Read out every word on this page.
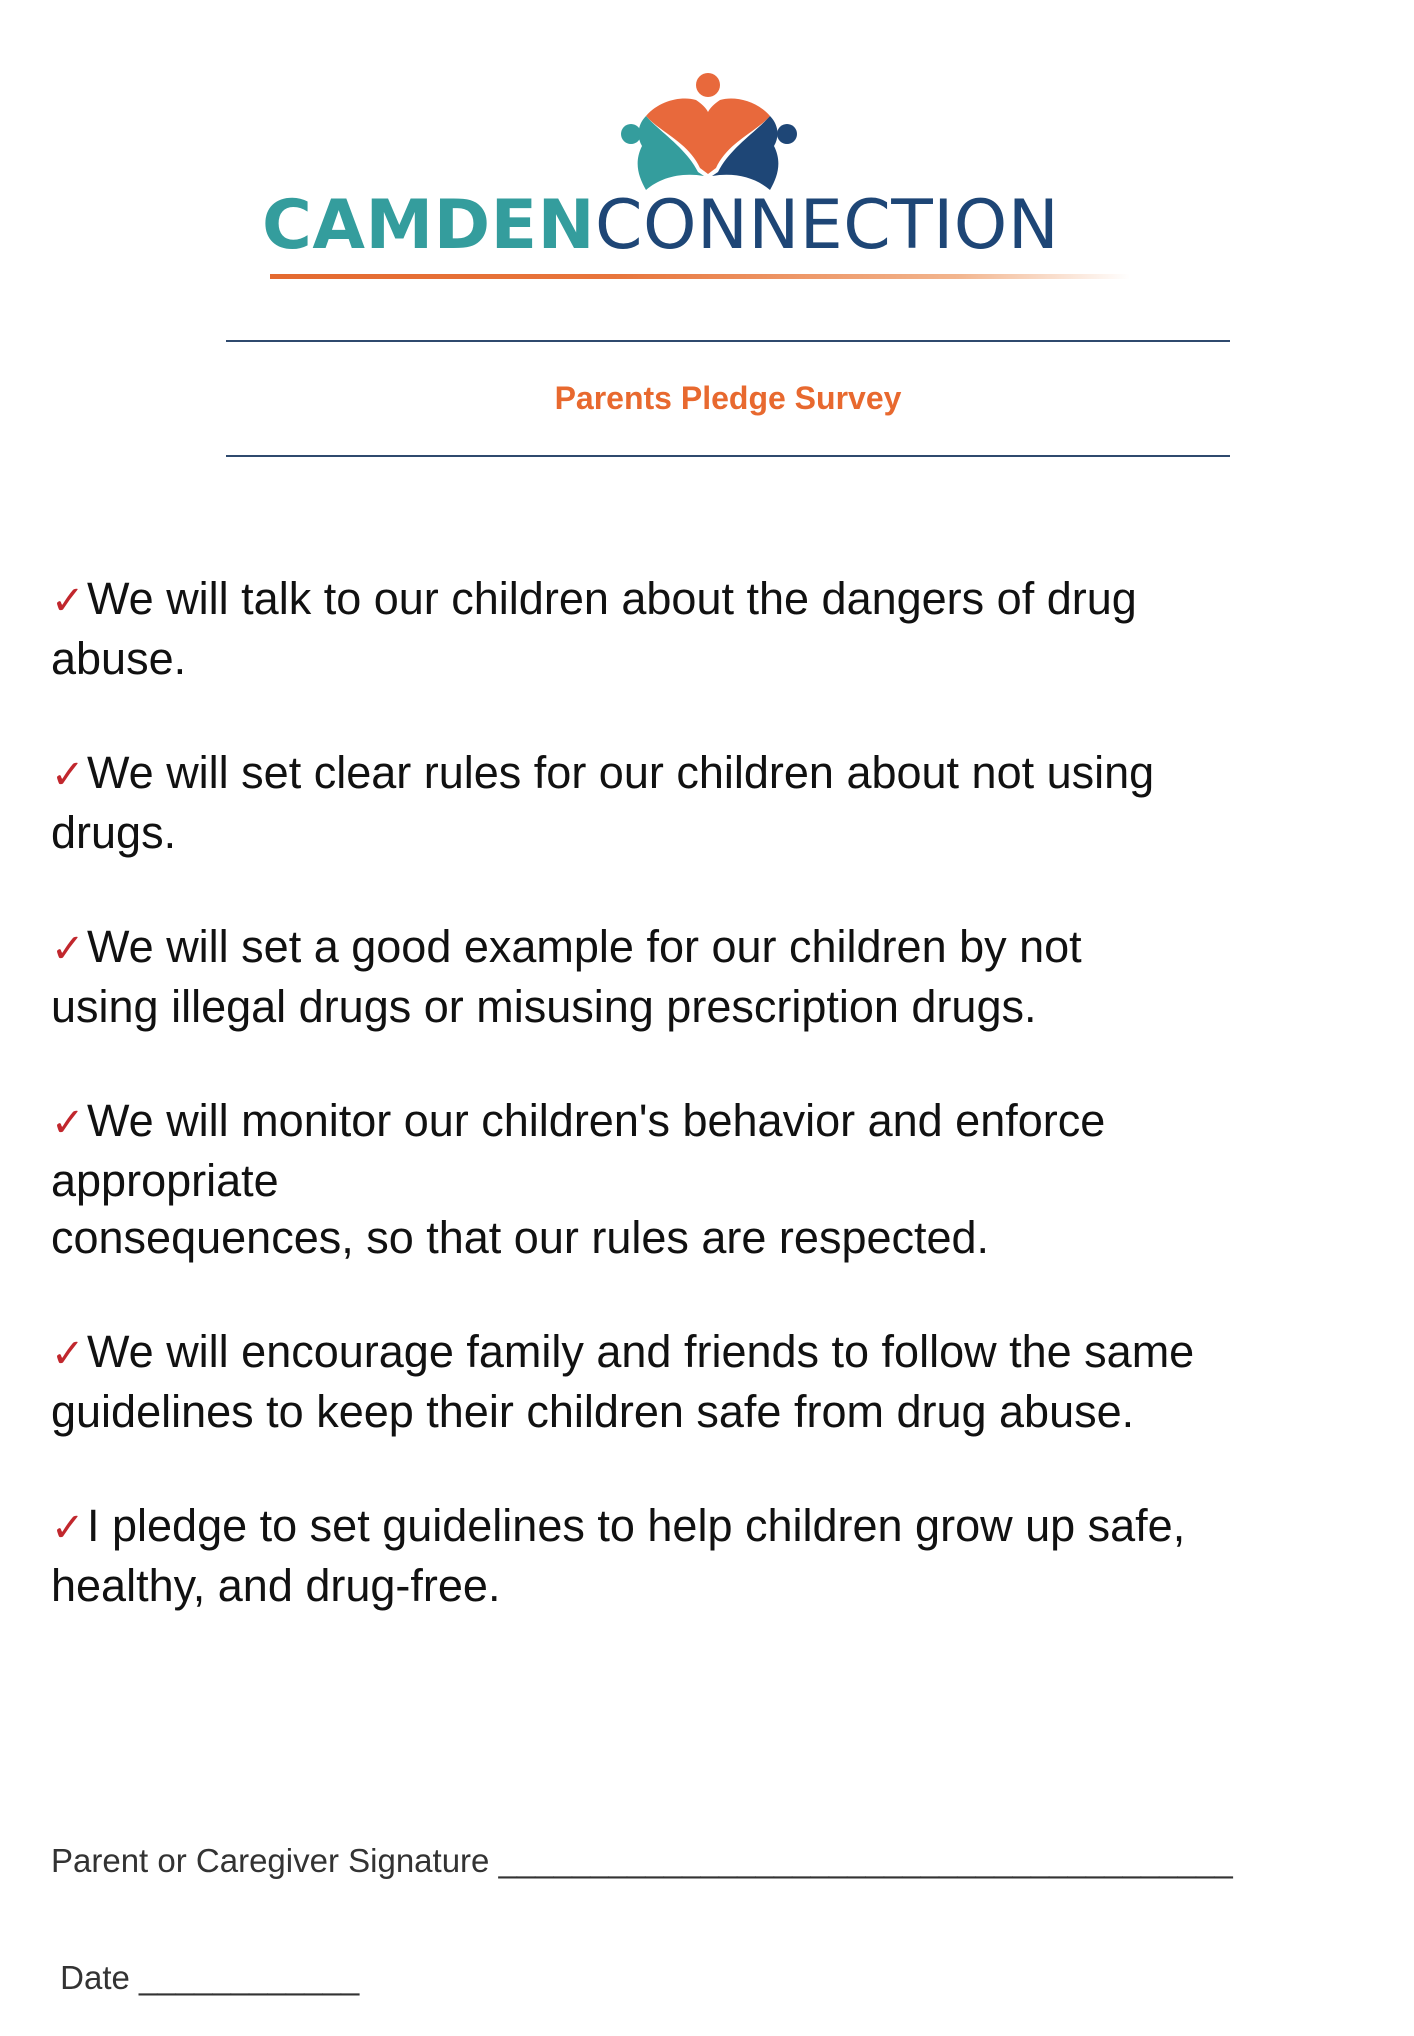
CAMDENCONNECTION
Parents Pledge Survey
✓We will talk to our children about the dangers of drug
abuse.
✓We will set clear rules for our children about not using
drugs.
✓We will set a good example for our children by not
using illegal drugs or misusing prescription drugs.
✓We will monitor our children's behavior and enforce
appropriate
consequences, so that our rules are respected.
✓We will encourage family and friends to follow the same
guidelines to keep their children safe from drug abuse.
✓I pledge to set guidelines to help children grow up safe,
healthy, and drug-free.

Parent or Caregiver Signature ________________________________________

Date ____________
